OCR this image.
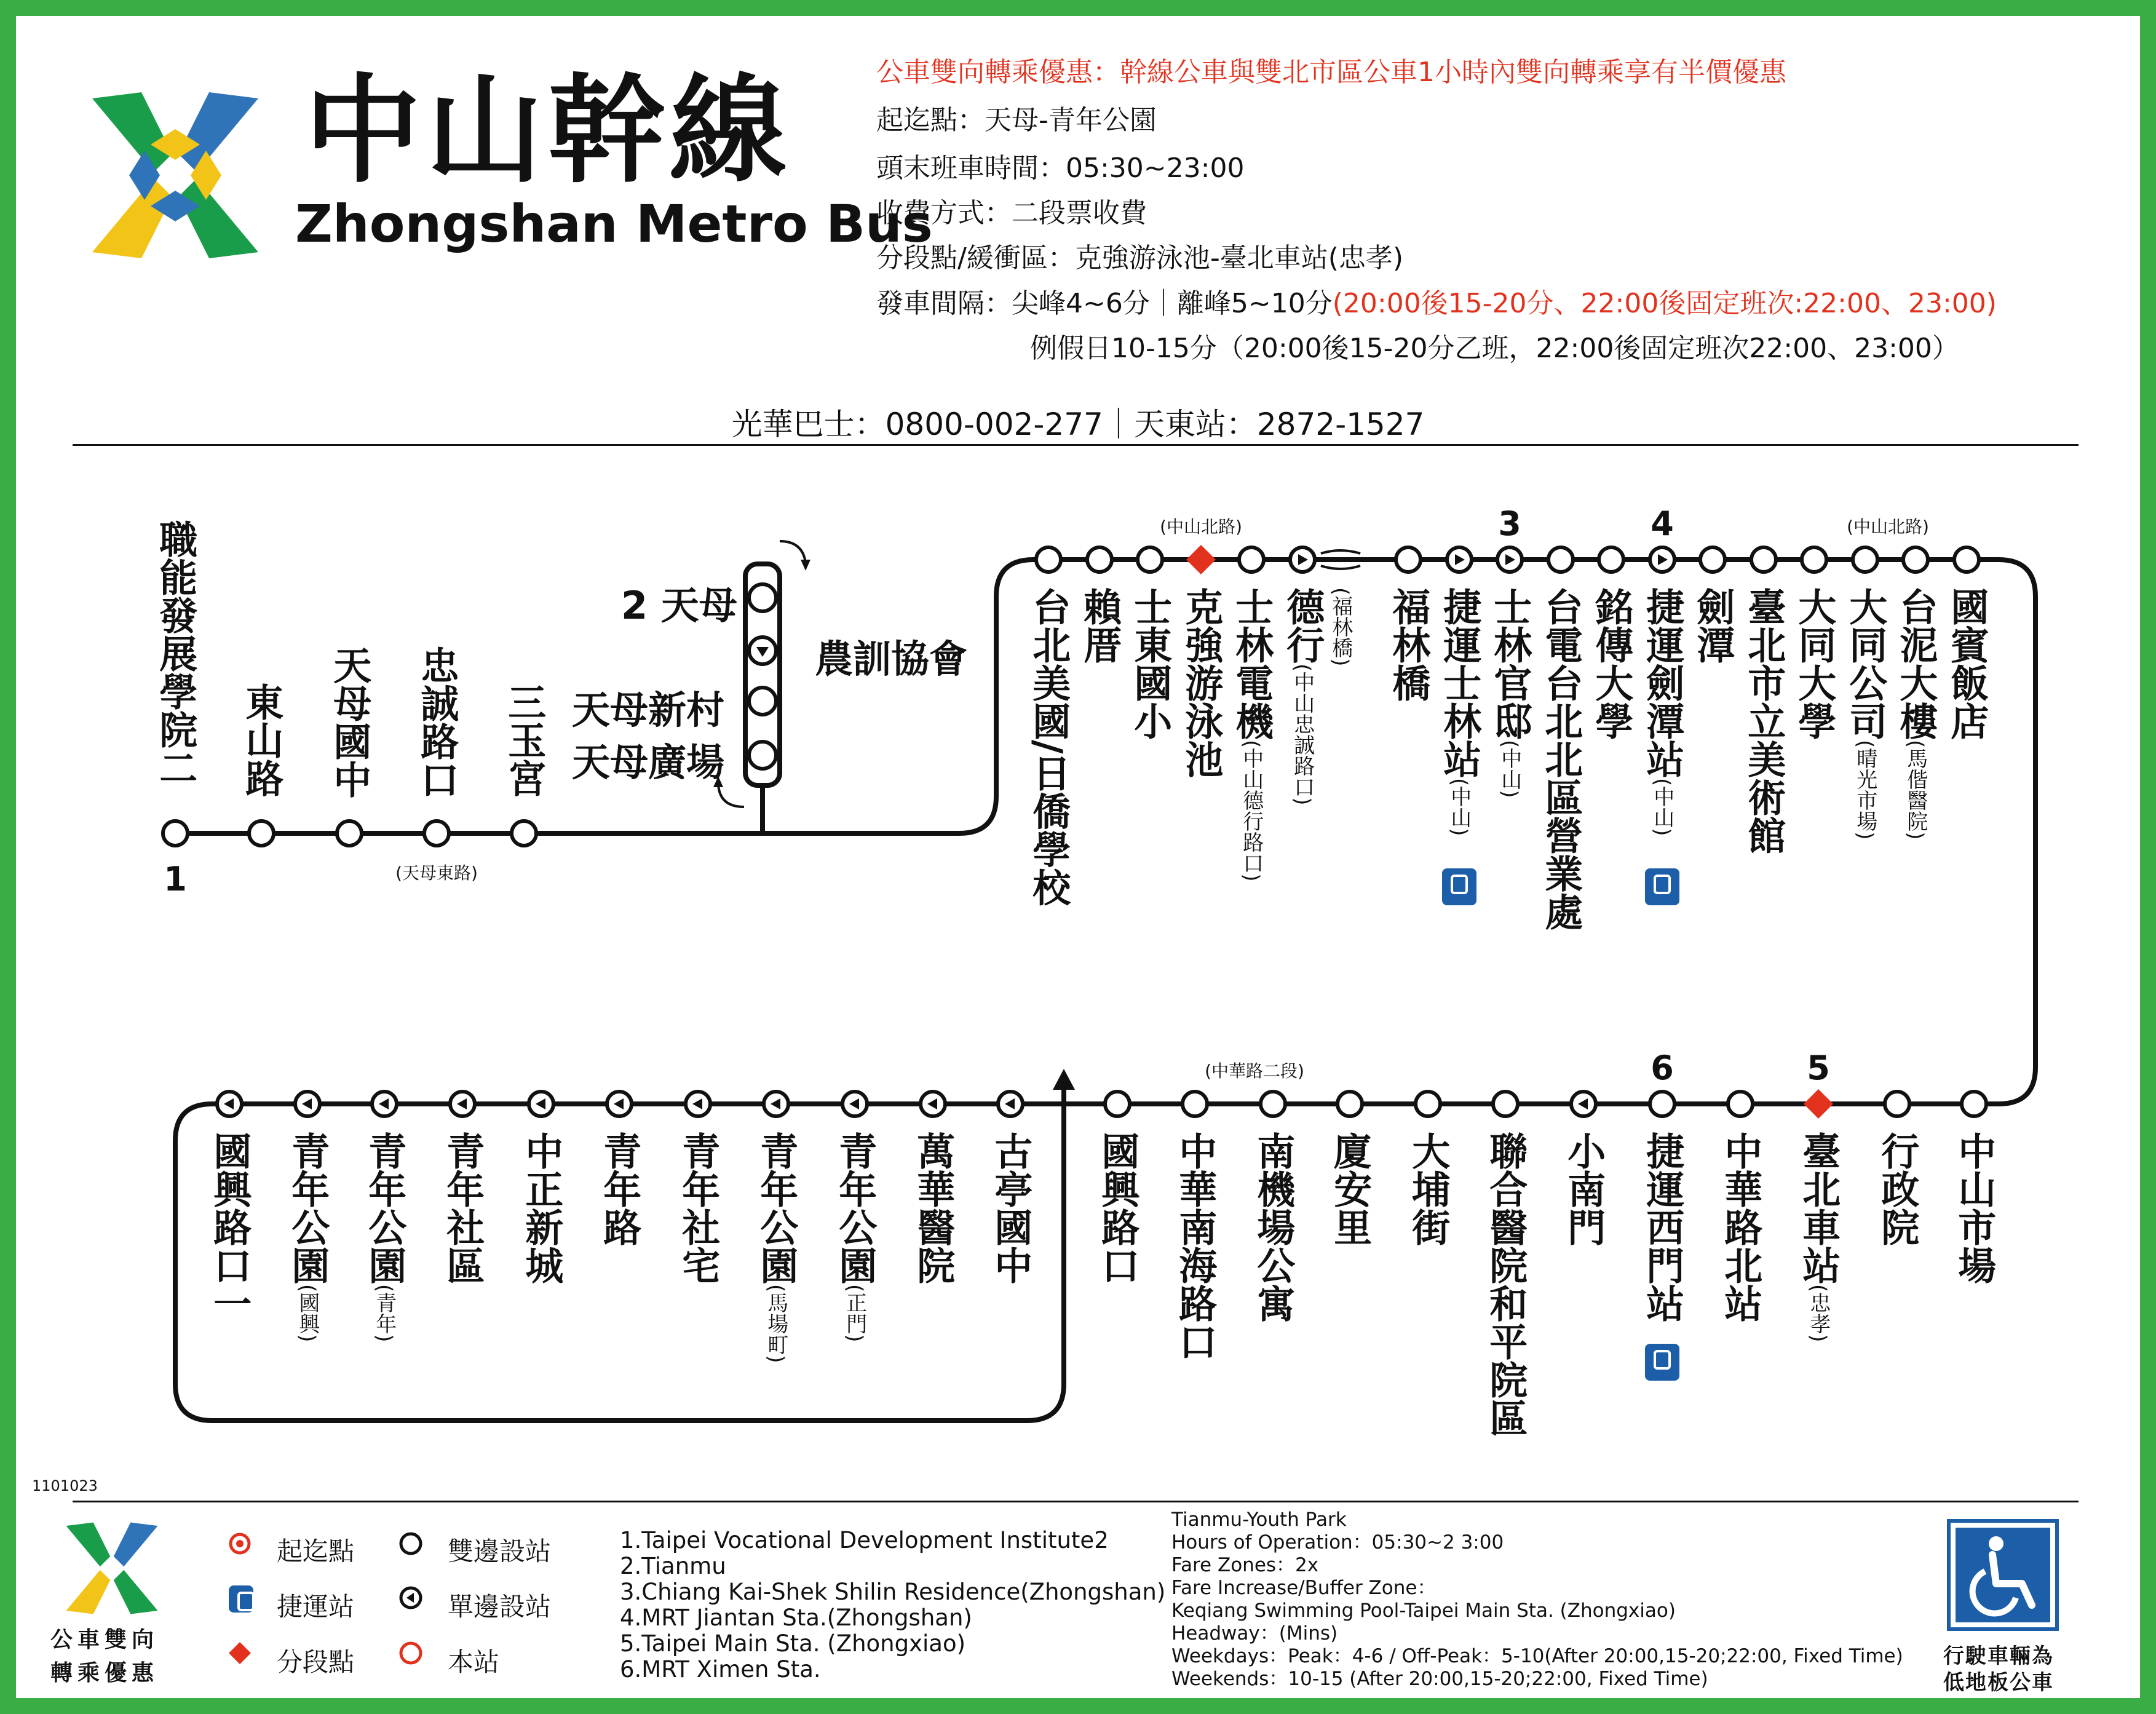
中山幹線
Zhongshan Metro Bus
公車雙向轉乘優惠：幹線公車與雙北市區公車1小時內雙向轉乘享有半價優惠
起迄點：天母-青年公園
頭末班車時間：05:30~23:00
收費方式：二段票收費
分段點/緩衝區：克強游泳池-臺北車站(忠孝)
發車間隔：尖峰4~6分｜離峰5~10分(20:00後15-20分、22:00後固定班次:22:00、23:00)
例假日10-15分（20:00後15-20分乙班，22:00後固定班次22:00、23:00）
光華巴士：0800-002-277｜天東站：2872-1527
職能發展學院二 東山路 天母國中 忠誠路口 三玉宮	台北美國/日僑學校 賴厝 士東國小 克強游泳池 士林電機(中山德行路口)
德行(中山忠誠路口)
(福林橋) 福林橋 捷運士林站(中山)
士林官邸(中山) 台電台北北區營業處 銘傳大學 捷運劍潭站(中山)
劍潭 臺北市立美術館 大同大學 大同公司(晴光市場)
台泥大樓(馬偕醫院)
國賓飯店
國興路口一 青年公園(國興)
青年公園(青年)
青年社區 中正新城 青年路 青年社宅 青年公園(馬場町)
青年公園(正門)
萬華醫院 古亭國中 國興路口 中華南海路口 南機場公寓 廈安里 大埔街 聯合醫院和平院區 小南門 捷運西門站 中華路北站 臺北車站(忠孝)
行政院 中山市場
2 天母
農訓協會
天母新村
天母廣場
(天母東路)
(中山北路)	(中山北路)
(中華路二段)
1
3	4
6	5
1101023
公車雙向 轉乘優惠
起迄點
捷運站
分段點
雙邊設站
單邊設站
本站
1.Taipei Vocational Development Institute2
2.Tianmu
3.Chiang Kai-Shek Shilin Residence(Zhongshan)
4.MRT Jiantan Sta.(Zhongshan)
5.Taipei Main Sta. (Zhongxiao)
6.MRT Ximen Sta.
Tianmu-Youth Park
Hours of Operation：05:30~2 3:00
Fare Zones：2x
Fare Increase/Buffer Zone：
Keqiang Swimming Pool-Taipei Main Sta. (Zhongxiao)
Headway：(Mins)
Weekdays：Peak：4-6 / Off-Peak：5-10(After 20:00,15-20;22:00, Fixed Time)
Weekends：10-15 (After 20:00,15-20;22:00, Fixed Time)
行駛車輛為
低地板公車
